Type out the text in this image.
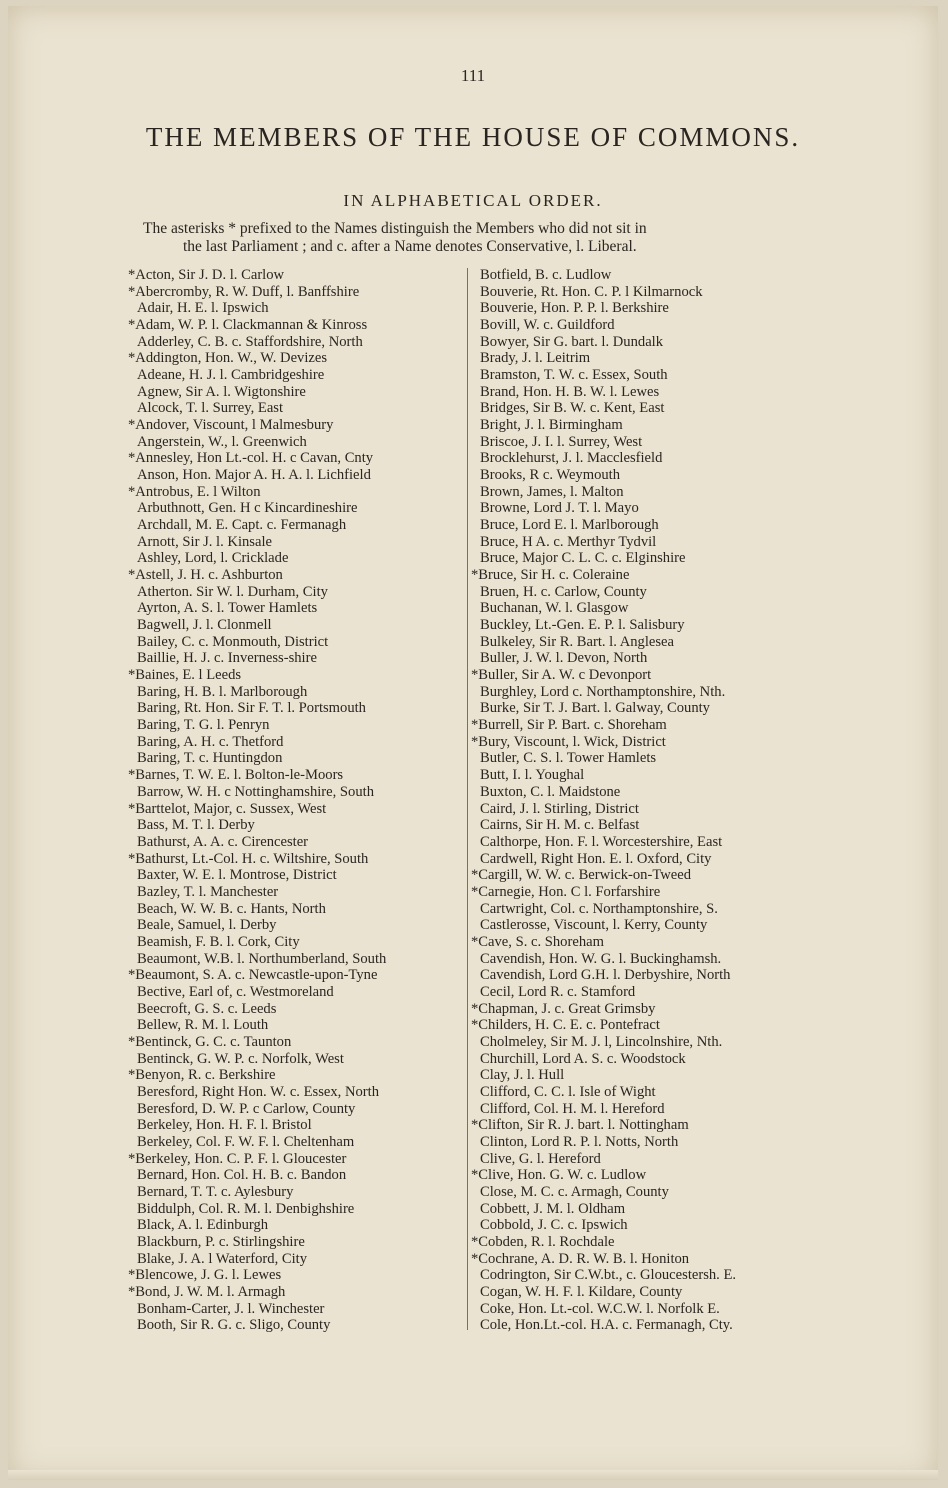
111
THE MEMBERS OF THE HOUSE OF COMMONS.
IN ALPHABETICAL ORDER.
The asterisks * prefixed to the Names distinguish the Members who did not sit in
the last Parliament ; and c. after a Name denotes Conservative, l. Liberal.
*Acton, Sir J. D. l. Carlow
*Abercromby, R. W. Duff, l. Banffshire
Adair, H. E. l. Ipswich
*Adam, W. P. l. Clackmannan & Kinross
Adderley, C. B. c. Staffordshire, North
*Addington, Hon. W., W. Devizes
Adeane, H. J. l. Cambridgeshire
Agnew, Sir A. l. Wigtonshire
Alcock, T. l. Surrey, East
*Andover, Viscount, l Malmesbury
Angerstein, W., l. Greenwich
*Annesley, Hon Lt.-col. H. c Cavan, Cnty
Anson, Hon. Major A. H. A. l. Lichfield
*Antrobus, E. l Wilton
Arbuthnott, Gen. H c Kincardineshire
Archdall, M. E. Capt. c. Fermanagh
Arnott, Sir J. l. Kinsale
Ashley, Lord, l. Cricklade
*Astell, J. H. c. Ashburton
Atherton. Sir W. l. Durham, City
Ayrton, A. S. l. Tower Hamlets
Bagwell, J. l. Clonmell
Bailey, C. c. Monmouth, District
Baillie, H. J. c. Inverness-shire
*Baines, E. l Leeds
Baring, H. B. l. Marlborough
Baring, Rt. Hon. Sir F. T. l. Portsmouth
Baring, T. G. l. Penryn
Baring, A. H. c. Thetford
Baring, T. c. Huntingdon
*Barnes, T. W. E. l. Bolton-le-Moors
Barrow, W. H. c Nottinghamshire, South
*Barttelot, Major, c. Sussex, West
Bass, M. T. l. Derby
Bathurst, A. A. c. Cirencester
*Bathurst, Lt.-Col. H. c. Wiltshire, South
Baxter, W. E. l. Montrose, District
Bazley, T. l. Manchester
Beach, W. W. B. c. Hants, North
Beale, Samuel, l. Derby
Beamish, F. B. l. Cork, City
Beaumont, W.B. l. Northumberland, South
*Beaumont, S. A. c. Newcastle-upon-Tyne
Bective, Earl of, c. Westmoreland
Beecroft, G. S. c. Leeds
Bellew, R. M. l. Louth
*Bentinck, G. C. c. Taunton
Bentinck, G. W. P. c. Norfolk, West
*Benyon, R. c. Berkshire
Beresford, Right Hon. W. c. Essex, North
Beresford, D. W. P. c Carlow, County
Berkeley, Hon. H. F. l. Bristol
Berkeley, Col. F. W. F. l. Cheltenham
*Berkeley, Hon. C. P. F. l. Gloucester
Bernard, Hon. Col. H. B. c. Bandon
Bernard, T. T. c. Aylesbury
Biddulph, Col. R. M. l. Denbighshire
Black, A. l. Edinburgh
Blackburn, P. c. Stirlingshire
Blake, J. A. l Waterford, City
*Blencowe, J. G. l. Lewes
*Bond, J. W. M. l. Armagh
Bonham-Carter, J. l. Winchester
Booth, Sir R. G. c. Sligo, County
Botfield, B. c. Ludlow
Bouverie, Rt. Hon. C. P. l Kilmarnock
Bouverie, Hon. P. P. l. Berkshire
Bovill, W. c. Guildford
Bowyer, Sir G. bart. l. Dundalk
Brady, J. l. Leitrim
Bramston, T. W. c. Essex, South
Brand, Hon. H. B. W. l. Lewes
Bridges, Sir B. W. c. Kent, East
Bright, J. l. Birmingham
Briscoe, J. I. l. Surrey, West
Brocklehurst, J. l. Macclesfield
Brooks, R c. Weymouth
Brown, James, l. Malton
Browne, Lord J. T. l. Mayo
Bruce, Lord E. l. Marlborough
Bruce, H A. c. Merthyr Tydvil
Bruce, Major C. L. C. c. Elginshire
*Bruce, Sir H. c. Coleraine
Bruen, H. c. Carlow, County
Buchanan, W. l. Glasgow
Buckley, Lt.-Gen. E. P. l. Salisbury
Bulkeley, Sir R. Bart. l. Anglesea
Buller, J. W. l. Devon, North
*Buller, Sir A. W. c Devonport
Burghley, Lord c. Northamptonshire, Nth.
Burke, Sir T. J. Bart. l. Galway, County
*Burrell, Sir P. Bart. c. Shoreham
*Bury, Viscount, l. Wick, District
Butler, C. S. l. Tower Hamlets
Butt, I. l. Youghal
Buxton, C. l. Maidstone
Caird, J. l. Stirling, District
Cairns, Sir H. M. c. Belfast
Calthorpe, Hon. F. l. Worcestershire, East
Cardwell, Right Hon. E. l. Oxford, City
*Cargill, W. W. c. Berwick-on-Tweed
*Carnegie, Hon. C l. Forfarshire
Cartwright, Col. c. Northamptonshire, S.
Castlerosse, Viscount, l. Kerry, County
*Cave, S. c. Shoreham
Cavendish, Hon. W. G. l. Buckinghamsh.
Cavendish, Lord G.H. l. Derbyshire, North
Cecil, Lord R. c. Stamford
*Chapman, J. c. Great Grimsby
*Childers, H. C. E. c. Pontefract
Cholmeley, Sir M. J. l, Lincolnshire, Nth.
Churchill, Lord A. S. c. Woodstock
Clay, J. l. Hull
Clifford, C. C. l. Isle of Wight
Clifford, Col. H. M. l. Hereford
*Clifton, Sir R. J. bart. l. Nottingham
Clinton, Lord R. P. l. Notts, North
Clive, G. l. Hereford
*Clive, Hon. G. W. c. Ludlow
Close, M. C. c. Armagh, County
Cobbett, J. M. l. Oldham
Cobbold, J. C. c. Ipswich
*Cobden, R. l. Rochdale
*Cochrane, A. D. R. W. B. l. Honiton
Codrington, Sir C.W.bt., c. Gloucestersh. E.
Cogan, W. H. F. l. Kildare, County
Coke, Hon. Lt.-col. W.C.W. l. Norfolk E.
Cole, Hon.Lt.-col. H.A. c. Fermanagh, Cty.
